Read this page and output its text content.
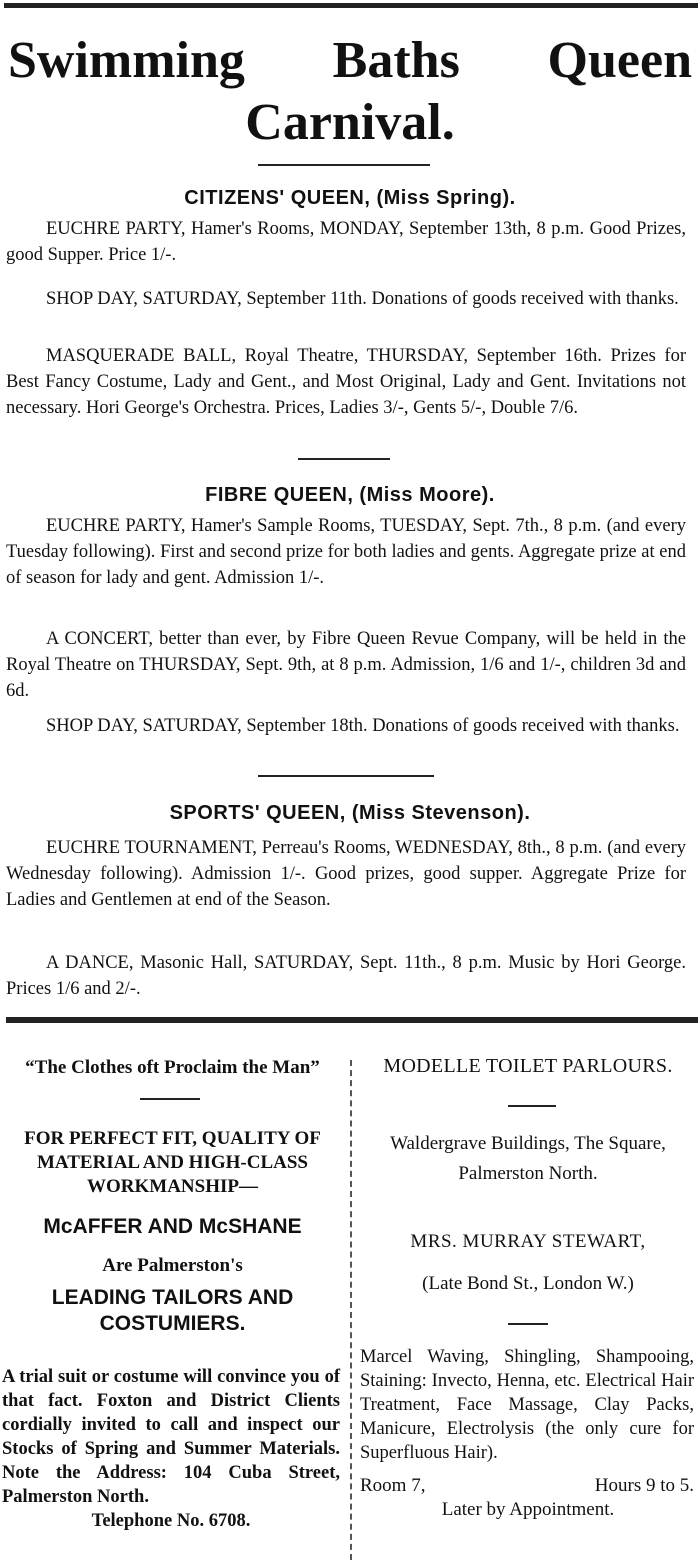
Swimming Baths Queen
Carnival.
CITIZENS' QUEEN, (Miss Spring).
EUCHRE PARTY, Hamer's Rooms, MONDAY, September 13th, 8 p.m. Good Prizes, good Supper. Price 1/-.
SHOP DAY, SATURDAY, September 11th. Donations of goods received with thanks.
MASQUERADE BALL, Royal Theatre, THURSDAY, September 16th. Prizes for Best Fancy Costume, Lady and Gent., and Most Original, Lady and Gent. Invitations not necessary. Hori George's Orchestra. Prices, Ladies 3/-, Gents 5/-, Double 7/6.
FIBRE QUEEN, (Miss Moore).
EUCHRE PARTY, Hamer's Sample Rooms, TUESDAY, Sept. 7th., 8 p.m. (and every Tuesday following). First and second prize for both ladies and gents. Aggregate prize at end of season for lady and gent. Admission 1/-.
A CONCERT, better than ever, by Fibre Queen Revue Company, will be held in the Royal Theatre on THURSDAY, Sept. 9th, at 8 p.m. Admission, 1/6 and 1/-, children 3d and 6d.
SHOP DAY, SATURDAY, September 18th. Donations of goods received with thanks.
SPORTS' QUEEN, (Miss Stevenson).
EUCHRE TOURNAMENT, Perreau's Rooms, WEDNESDAY, 8th., 8 p.m. (and every Wednesday following). Admission 1/-. Good prizes, good supper. Aggregate Prize for Ladies and Gentlemen at end of the Season.
A DANCE, Masonic Hall, SATURDAY, Sept. 11th., 8 p.m. Music by Hori George. Prices 1/6 and 2/-.
“The Clothes oft Proclaim the Man”
FOR PERFECT FIT, QUALITY OF
MATERIAL AND HIGH-CLASS
WORKMANSHIP—
McAFFER AND McSHANE
Are Palmerston's
LEADING TAILORS AND
COSTUMIERS.
A trial suit or costume will convince you of that fact. Foxton and District Clients cordially invited to call and inspect our Stocks of Spring and Summer Materials. Note the Address: 104 Cuba Street, Palmerston North.
Telephone No. 6708.
MODELLE TOILET PARLOURS.
Waldergrave Buildings, The Square,
Palmerston North.
MRS. MURRAY STEWART,
(Late Bond St., London W.)
Marcel Waving, Shingling, Shampooing, Staining: Invecto, Henna, etc. Electrical Hair Treatment, Face Massage, Clay Packs, Manicure, Electrolysis (the only cure for Superfluous Hair).
Room 7,	Hours 9 to 5.
Later by Appointment.
